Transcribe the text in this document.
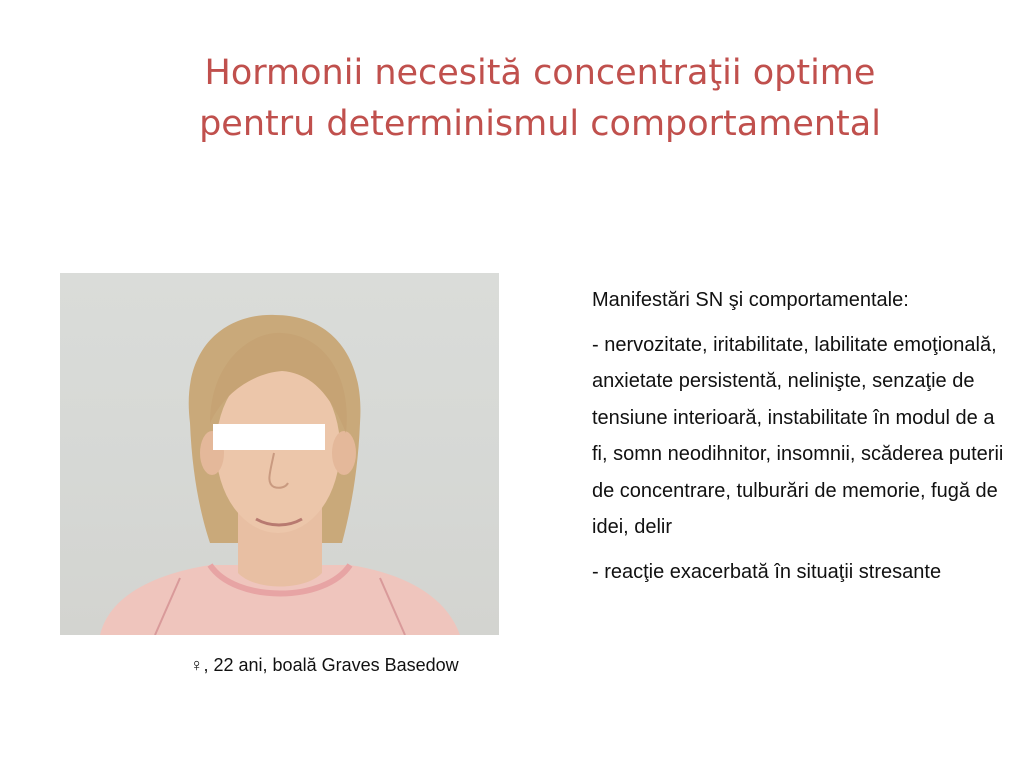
Hormonii necesită concentraţii optime
pentru determinismul comportamental
♀, 22 ani, boală Graves Basedow

Manifestări SN şi comportamentale:

- nervozitate, iritabilitate, labilitate emoţională, anxietate persistentă, nelinişte, senzaţie de tensiune interioară, instabilitate în modul de a fi, somn neodihnitor, insomnii, scăderea puterii de concentrare, tulburări de memorie, fugă de idei, delir

- reacţie exacerbată în situaţii stresante
